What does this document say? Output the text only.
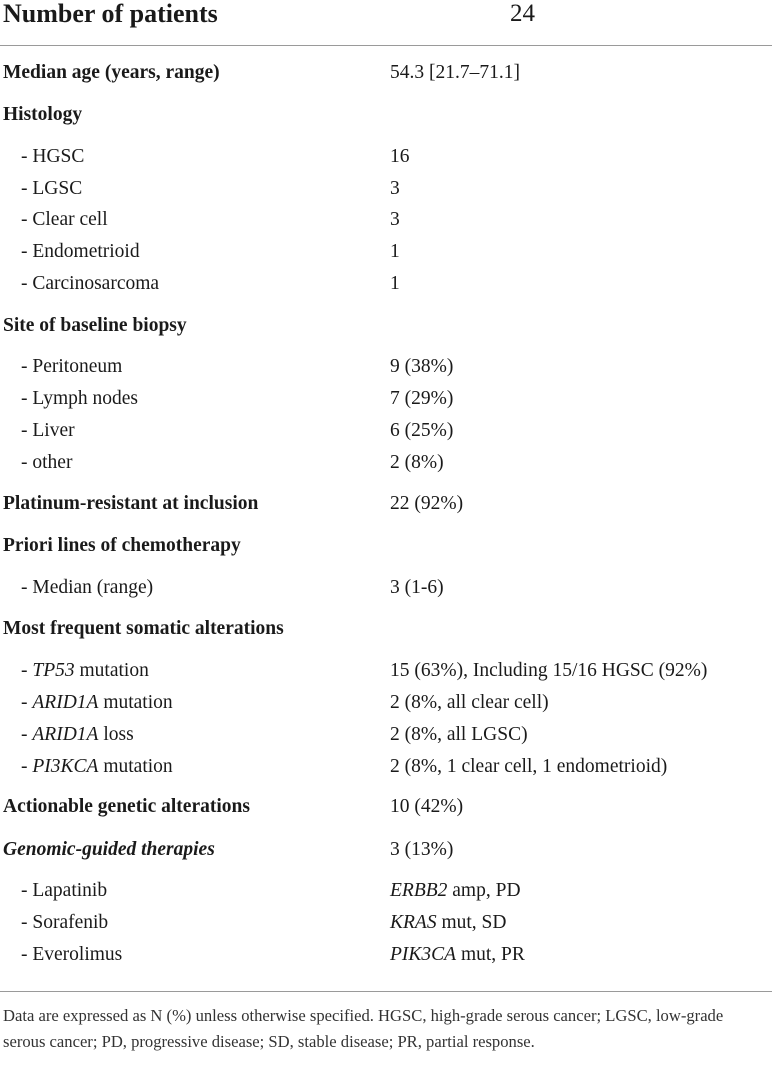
Number of patients	24
Median age (years, range)	54.3 [21.7–71.1]
Histology
- HGSC	16
- LGSC	3
- Clear cell	3
- Endometrioid	1
- Carcinosarcoma	1
Site of baseline biopsy
- Peritoneum	9 (38%)
- Lymph nodes	7 (29%)
- Liver	6 (25%)
- other	2 (8%)
Platinum-resistant at inclusion	22 (92%)
Priori lines of chemotherapy
- Median (range)	3 (1-6)
Most frequent somatic alterations
- TP53 mutation	15 (63%), Including 15/16 HGSC (92%)
- ARID1A mutation	2 (8%, all clear cell)
- ARID1A loss	2 (8%, all LGSC)
- PI3KCA mutation	2 (8%, 1 clear cell, 1 endometrioid)
Actionable genetic alterations	10 (42%)
Genomic-guided therapies	3 (13%)
- Lapatinib	ERBB2 amp, PD
- Sorafenib	KRAS mut, SD
- Everolimus	PIK3CA mut, PR
Data are expressed as N (%) unless otherwise specified. HGSC, high-grade serous cancer; LGSC, low-grade serous cancer; PD, progressive disease; SD, stable disease; PR, partial response.
